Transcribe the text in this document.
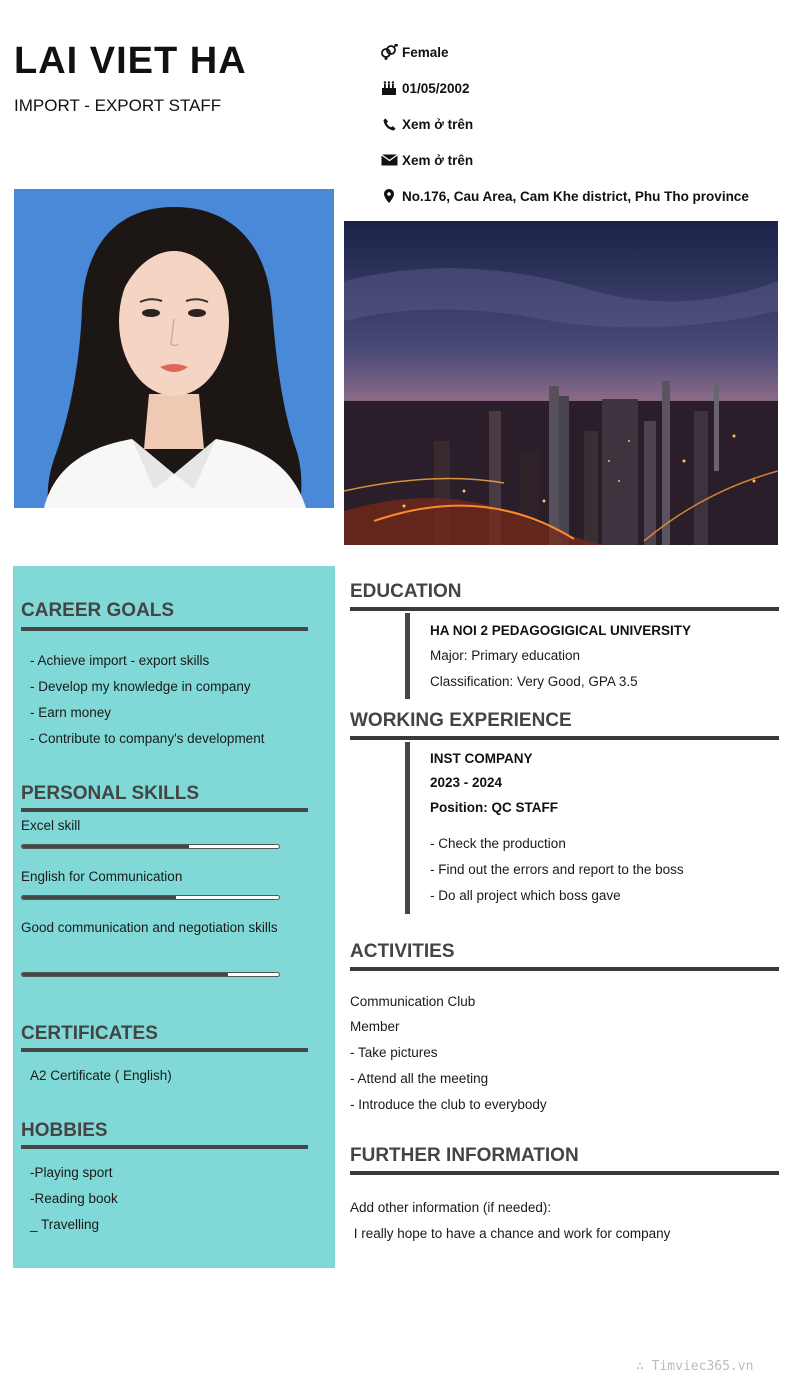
LAI VIET HA
IMPORT - EXPORT STAFF
Female
01/05/2002
Xem ở trên
Xem ở trên
No.176, Cau Area, Cam Khe district, Phu Tho province
CAREER GOALS
- Achieve import - export skills
- Develop my knowledge in company
- Earn money
- Contribute to company's development
PERSONAL SKILLS
Excel skill
English for Communication
Good communication and negotiation skills
CERTIFICATES
A2 Certificate ( English)
HOBBIES
-Playing sport
-Reading book
_ Travelling
EDUCATION
HA NOI 2 PEDAGOGIGICAL UNIVERSITY
Major: Primary education
Classification: Very Good, GPA 3.5
WORKING EXPERIENCE
INST COMPANY
2023 - 2024
Position: QC STAFF
- Check the production
- Find out the errors and report to the boss
- Do all project which boss gave
ACTIVITIES
Communication Club
Member
- Take pictures
- Attend all the meeting
- Introduce the club to everybody
FURTHER INFORMATION
Add other information (if needed):
I really hope to have a chance and work for company
∴ Timviec365.vn
